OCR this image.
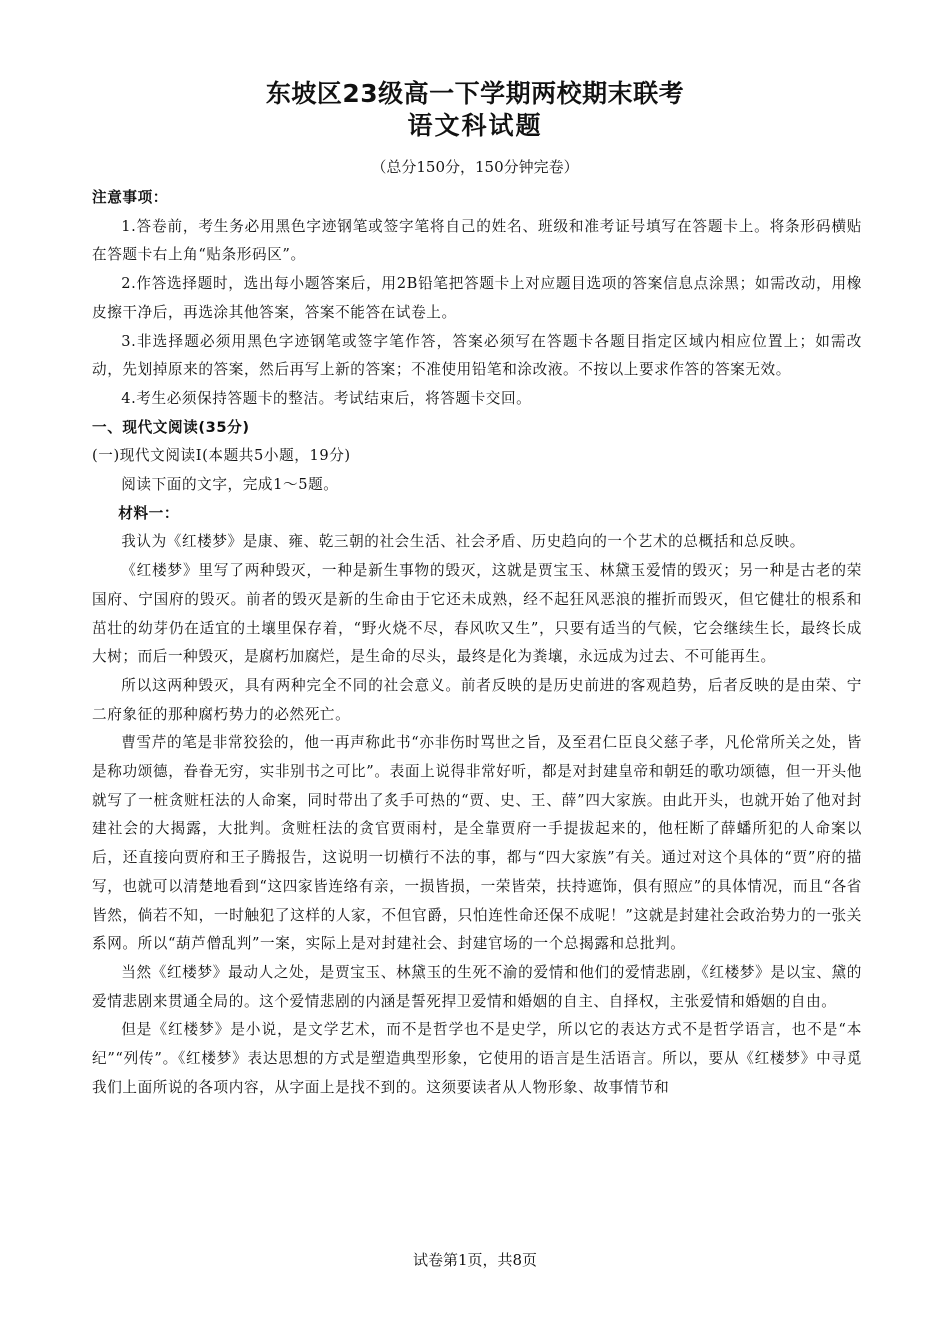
东坡区23级高一下学期两校期末联考
语文科试题
（总分150分，150分钟完卷）

注意事项：

1.答卷前，考生务必用黑色字迹钢笔或签字笔将自己的姓名、班级和准考证号填写在答题卡上。将条形码横贴在答题卡右上角“贴条形码区”。

2.作答选择题时，选出每小题答案后，用2B铅笔把答题卡上对应题目选项的答案信息点涂黑；如需改动，用橡皮擦干净后，再选涂其他答案，答案不能答在试卷上。

3.非选择题必须用黑色字迹钢笔或签字笔作答，答案必须写在答题卡各题目指定区域内相应位置上；如需改动，先划掉原来的答案，然后再写上新的答案；不准使用铅笔和涂改液。不按以上要求作答的答案无效。

4.考生必须保持答题卡的整洁。考试结束后，将答题卡交回。

一、现代文阅读(35分)

(一)现代文阅读Ⅰ(本题共5小题，19分)

阅读下面的文字，完成1～5题。

材料一：

我认为《红楼梦》是康、雍、乾三朝的社会生活、社会矛盾、历史趋向的一个艺术的总概括和总反映。

《红楼梦》里写了两种毁灭，一种是新生事物的毁灭，这就是贾宝玉、林黛玉爱情的毁灭；另一种是古老的荣国府、宁国府的毁灭。前者的毁灭是新的生命由于它还未成熟，经不起狂风恶浪的摧折而毁灭，但它健壮的根系和茁壮的幼芽仍在适宜的土壤里保存着，“野火烧不尽，春风吹又生”，只要有适当的气候，它会继续生长，最终长成大树；而后一种毁灭，是腐朽加腐烂，是生命的尽头，最终是化为粪壤，永远成为过去、不可能再生。

所以这两种毁灭，具有两种完全不同的社会意义。前者反映的是历史前进的客观趋势，后者反映的是由荣、宁二府象征的那种腐朽势力的必然死亡。

曹雪芹的笔是非常狡狯的，他一再声称此书“亦非伤时骂世之旨，及至君仁臣良父慈子孝，凡伦常所关之处，皆是称功颂德，眷眷无穷，实非别书之可比”。表面上说得非常好听，都是对封建皇帝和朝廷的歌功颂德，但一开头他就写了一桩贪赃枉法的人命案，同时带出了炙手可热的“贾、史、王、薛”四大家族。由此开头，也就开始了他对封建社会的大揭露，大批判。贪赃枉法的贪官贾雨村，是全靠贾府一手提拔起来的，他枉断了薛蟠所犯的人命案以后，还直接向贾府和王子腾报告，这说明一切横行不法的事，都与“四大家族”有关。通过对这个具体的“贾”府的描写，也就可以清楚地看到“这四家皆连络有亲，一损皆损，一荣皆荣，扶持遮饰，俱有照应”的具体情况，而且“各省皆然，倘若不知，一时触犯了这样的人家，不但官爵，只怕连性命还保不成呢！”这就是封建社会政治势力的一张关系网。所以“葫芦僧乱判”一案，实际上是对封建社会、封建官场的一个总揭露和总批判。

当然《红楼梦》最动人之处，是贾宝玉、林黛玉的生死不渝的爱情和他们的爱情悲剧，《红楼梦》是以宝、黛的爱情悲剧来贯通全局的。这个爱情悲剧的内涵是誓死捍卫爱情和婚姻的自主、自择权，主张爱情和婚姻的自由。

但是《红楼梦》是小说，是文学艺术，而不是哲学也不是史学，所以它的表达方式不是哲学语言，也不是“本纪”“列传”。《红楼梦》表达思想的方式是塑造典型形象，它使用的语言是生活语言。所以，要从《红楼梦》中寻觅我们上面所说的各项内容，从字面上是找不到的。这须要读者从人物形象、故事情节和

试卷第1页，共8页
